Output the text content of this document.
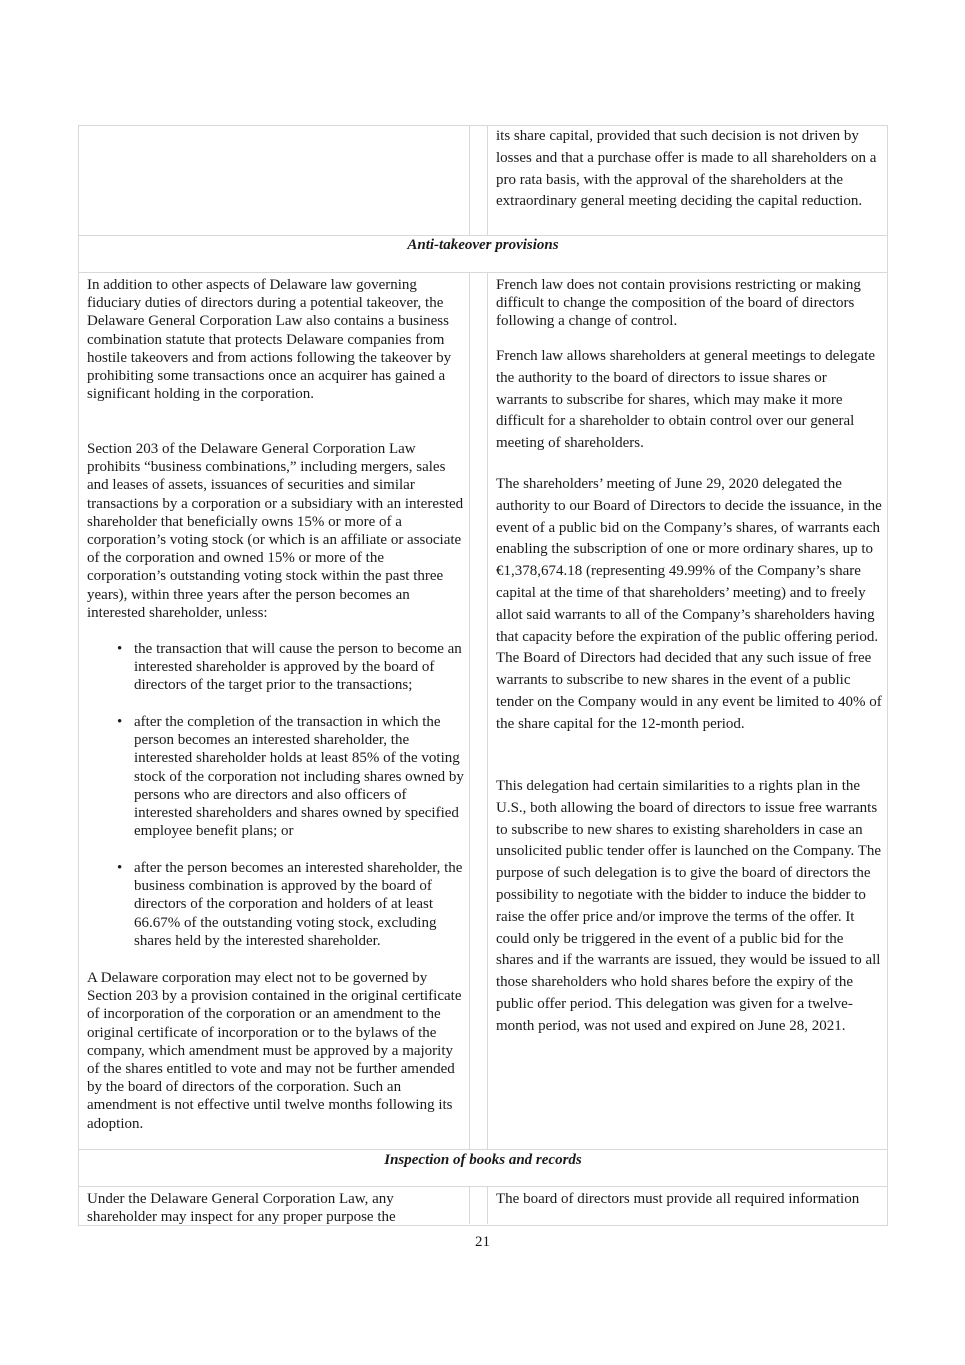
its share capital, provided that such decision is not driven by losses and that a purchase offer is made to all shareholders on a pro rata basis, with the approval of the shareholders at the extraordinary general meeting deciding the capital reduction.
Anti-takeover provisions
In addition to other aspects of Delaware law governing fiduciary duties of directors during a potential takeover, the Delaware General Corporation Law also contains a business combination statute that protects Delaware companies from hostile takeovers and from actions following the takeover by prohibiting some transactions once an acquirer has gained a significant holding in the corporation.
Section 203 of the Delaware General Corporation Law prohibits “business combinations,” including mergers, sales and leases of assets, issuances of securities and similar transactions by a corporation or a subsidiary with an interested shareholder that beneficially owns 15% or more of a corporation’s voting stock (or which is an affiliate or associate of the corporation and owned 15% or more of the corporation’s outstanding voting stock within the past three years), within three years after the person becomes an interested shareholder, unless:
• the transaction that will cause the person to become an interested shareholder is approved by the board of directors of the target prior to the transactions;
• after the completion of the transaction in which the person becomes an interested shareholder, the interested shareholder holds at least 85% of the voting stock of the corporation not including shares owned by persons who are directors and also officers of interested shareholders and shares owned by specified employee benefit plans; or
• after the person becomes an interested shareholder, the business combination is approved by the board of directors of the corporation and holders of at least 66.67% of the outstanding voting stock, excluding shares held by the interested shareholder.
A Delaware corporation may elect not to be governed by Section 203 by a provision contained in the original certificate of incorporation of the corporation or an amendment to the original certificate of incorporation or to the bylaws of the company, which amendment must be approved by a majority of the shares entitled to vote and may not be further amended by the board of directors of the corporation. Such an amendment is not effective until twelve months following its adoption.
French law does not contain provisions restricting or making difficult to change the composition of the board of directors following a change of control.
French law allows shareholders at general meetings to delegate the authority to the board of directors to issue shares or warrants to subscribe for shares, which may make it more difficult for a shareholder to obtain control over our general meeting of shareholders.
The shareholders’ meeting of June 29, 2020 delegated the authority to our Board of Directors to decide the issuance, in the event of a public bid on the Company’s shares, of warrants each enabling the subscription of one or more ordinary shares, up to €1,378,674.18 (representing 49.99% of the Company’s share capital at the time of that shareholders’ meeting) and to freely allot said warrants to all of the Company’s shareholders having that capacity before the expiration of the public offering period. The Board of Directors had decided that any such issue of free warrants to subscribe to new shares in the event of a public tender on the Company would in any event be limited to 40% of the share capital for the 12-month period.
This delegation had certain similarities to a rights plan in the U.S., both allowing the board of directors to issue free warrants to subscribe to new shares to existing shareholders in case an unsolicited public tender offer is launched on the Company. The purpose of such delegation is to give the board of directors the possibility to negotiate with the bidder to induce the bidder to raise the offer price and/or improve the terms of the offer. It could only be triggered in the event of a public bid for the shares and if the warrants are issued, they would be issued to all those shareholders who hold shares before the expiry of the public offer period. This delegation was given for a twelve-month period, was not used and expired on June 28, 2021.
Inspection of books and records
Under the Delaware General Corporation Law, any shareholder may inspect for any proper purpose the
The board of directors must provide all required information
21
